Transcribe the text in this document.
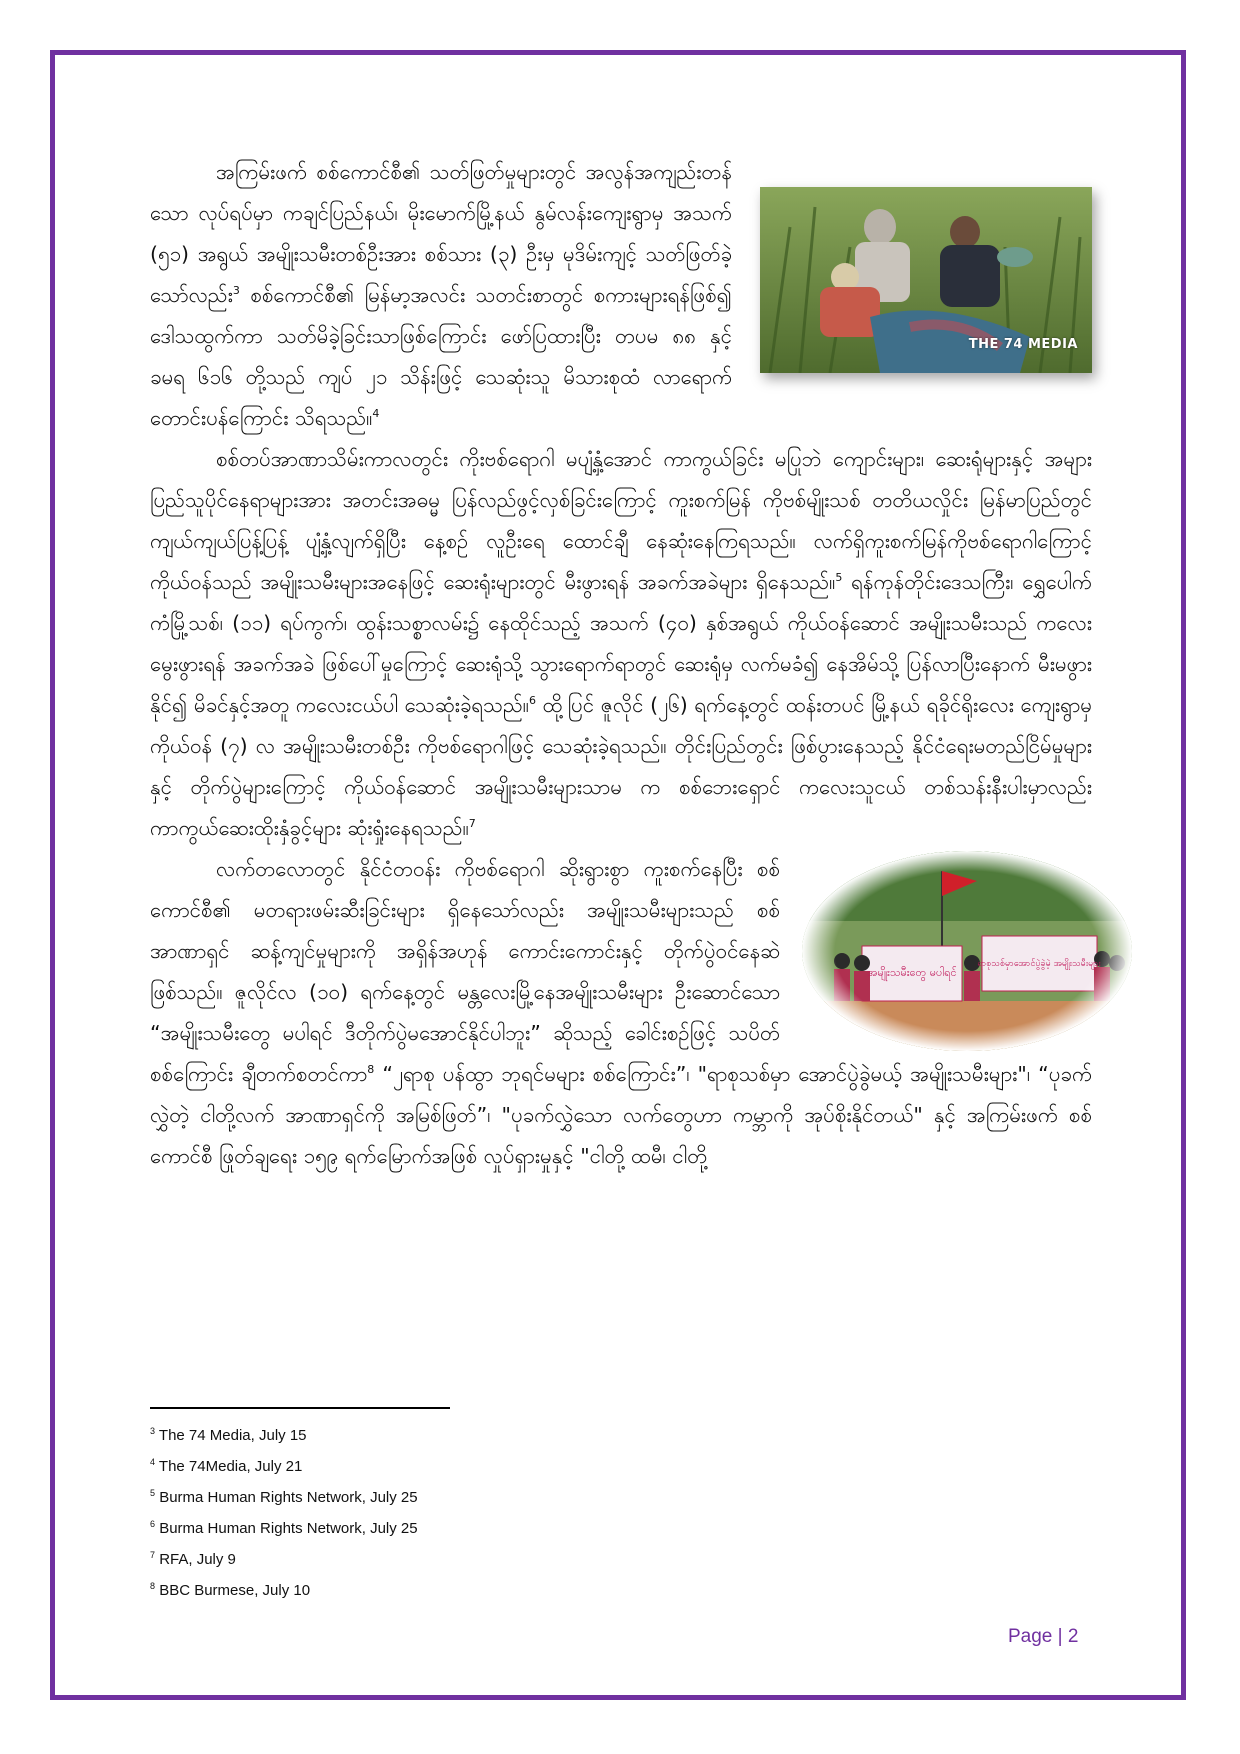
THE 74 MEDIA

အကြမ်းဖက် စစ်ကောင်စီ၏ သတ်ဖြတ်မှုများတွင် အလွန်အကျည်းတန်သော လုပ်ရပ်မှာ ကချင်ပြည်နယ်၊ မိုးမောက်မြို့နယ် နွမ်လန်းကျေးရွာမှ အသက် (၅၁) အရွယ် အမျိုးသမီးတစ်ဦးအား စစ်သား (၃) ဦးမှ မုဒိမ်းကျင့် သတ်ဖြတ်ခဲ့သော်လည်း$^3$ စစ်ကောင်စီ၏ မြန်မာ့အလင်း သတင်းစာတွင် စကားများရန်ဖြစ်၍ ဒေါသထွက်ကာ သတ်မိခဲ့ခြင်းသာဖြစ်ကြောင်း ဖော်ပြထားပြီး တပမ ၈၈ နှင့် ခမရ ၆၁၆ တို့သည် ကျပ် ၂၁ သိန်းဖြင့် သေဆုံးသူ မိသားစုထံ လာရောက်တောင်းပန်ကြောင်း သိရသည်။$^4$

စစ်တပ်အာဏာသိမ်းကာလတွင်း ကိုးဗစ်ရောဂါ မပျံ့နှံ့အောင် ကာကွယ်ခြင်း မပြုဘဲ ကျောင်းများ၊ ဆေးရုံများနှင့် အများပြည်သူပိုင်နေရာများအား အတင်းအဓမ္မ ပြန်လည်ဖွင့်လှစ်ခြင်းကြောင့် ကူးစက်မြန် ကိုဗစ်မျိုးသစ် တတိယလှိုင်း မြန်မာပြည်တွင် ကျယ်ကျယ်ပြန့်ပြန့် ပျံ့နှံ့လျက်ရှိပြီး နေ့စဉ် လူဦးရေ ထောင်ချီ နေဆုံးနေကြရသည်။ လက်ရှိကူးစက်မြန်ကိုဗစ်ရောဂါကြောင့် ကိုယ်ဝန်သည် အမျိုးသမီးများအနေဖြင့် ဆေးရုံးများတွင် မီးဖွားရန် အခက်အခဲများ ရှိနေသည်။$^5$ ရန်ကုန်တိုင်းဒေသကြီး၊ ရွှေပေါက်ကံမြို့သစ်၊ (၁၁) ရပ်ကွက်၊ ထွန်းသစ္စာလမ်း၌ နေထိုင်သည့် အသက် (၄၀) နှစ်အရွယ် ကိုယ်ဝန်ဆောင် အမျိုးသမီးသည် ကလေးမွေးဖွားရန် အခက်အခဲ ဖြစ်ပေါ်မှုကြောင့် ဆေးရုံသို့ သွားရောက်ရာတွင် ဆေးရုံမှ လက်မခံ၍ နေအိမ်သို့ ပြန်လာပြီးနောက် မီးမဖွားနိုင်၍ မိခင်နှင့်အတူ ကလေးငယ်ပါ သေဆုံးခဲ့ရသည်။$^6$ ထို့ပြင် ဇူလိုင် (၂၆) ရက်နေ့တွင် ထန်းတပင် မြို့နယ် ရခိုင်ရိုးလေး ကျေးရွာမှ ကိုယ်ဝန် (၇) လ အမျိုးသမီးတစ်ဦး ကိုဗစ်ရောဂါဖြင့် သေဆုံးခဲ့ရသည်။ တိုင်းပြည်တွင်း ဖြစ်ပွားနေသည့် နိုင်ငံရေးမတည်ငြိမ်မှုများနှင့် တိုက်ပွဲများကြောင့် ကိုယ်ဝန်ဆောင် အမျိုးသမီးများသာမ က စစ်ဘေးရှောင် ကလေးသူငယ် တစ်သန်းနီးပါးမှာလည်း ကာကွယ်ဆေးထိုးနှံခွင့်များ ဆုံးရှုံးနေရသည်။$^7$

အမျိုးသမီးတွေ မပါရင်
ရာစုသစ်မှာအောင်ပွဲခွဲမဲ့ အမျိုးသမီးများ

လက်တလောတွင် နိုင်ငံတဝန်း ကိုဗစ်ရောဂါ ဆိုးရွားစွာ ကူးစက်နေပြီး စစ်ကောင်စီ၏ မတရားဖမ်းဆီးခြင်းများ ရှိနေသော်လည်း အမျိုးသမီးများသည် စစ်အာဏာရှင် ဆန့်ကျင်မှုများကို အရှိန်အဟုန် ကောင်းကောင်းနှင့် တိုက်ပွဲဝင်နေဆဲဖြစ်သည်။ ဇူလိုင်လ (၁၀) ရက်နေ့တွင် မန္တလေးမြို့နေအမျိုးသမီးများ ဦးဆောင်သော “အမျိုးသမီးတွေ မပါရင် ဒီတိုက်ပွဲမအောင်နိုင်ပါဘူး” ဆိုသည့် ခေါင်းစဉ်ဖြင့် သပိတ်စစ်ကြောင်း ချီတက်စတင်ကာ$^8$ “၂ရာစု ပန်ထွာ ဘုရင်မများ စစ်ကြောင်း”၊ "ရာစုသစ်မှာ အောင်ပွဲခွဲမယ့် အမျိုးသမီးများ"၊ “ပုခက်လွှဲတဲ့ ငါတို့လက် အာဏာရှင်ကို အမြစ်ဖြတ်”၊ "ပုခက်လွှဲသော လက်တွေဟာ ကမ္ဘာကို အုပ်စိုးနိုင်တယ်" နှင့် အကြမ်းဖက် စစ်ကောင်စီ ဖြုတ်ချရေး ၁၅၉ ရက်မြောက်အဖြစ် လှုပ်ရှားမှုနှင့် "ငါတို့ ထမီ၊ ငါတို့

$^3$ The 74 Media, July 15
$^4$ The 74Media, July 21
$^5$ Burma Human Rights Network, July 25
$^6$ Burma Human Rights Network, July 25
$^7$ RFA, July 9
$^8$ BBC Burmese, July 10
Page | 2
